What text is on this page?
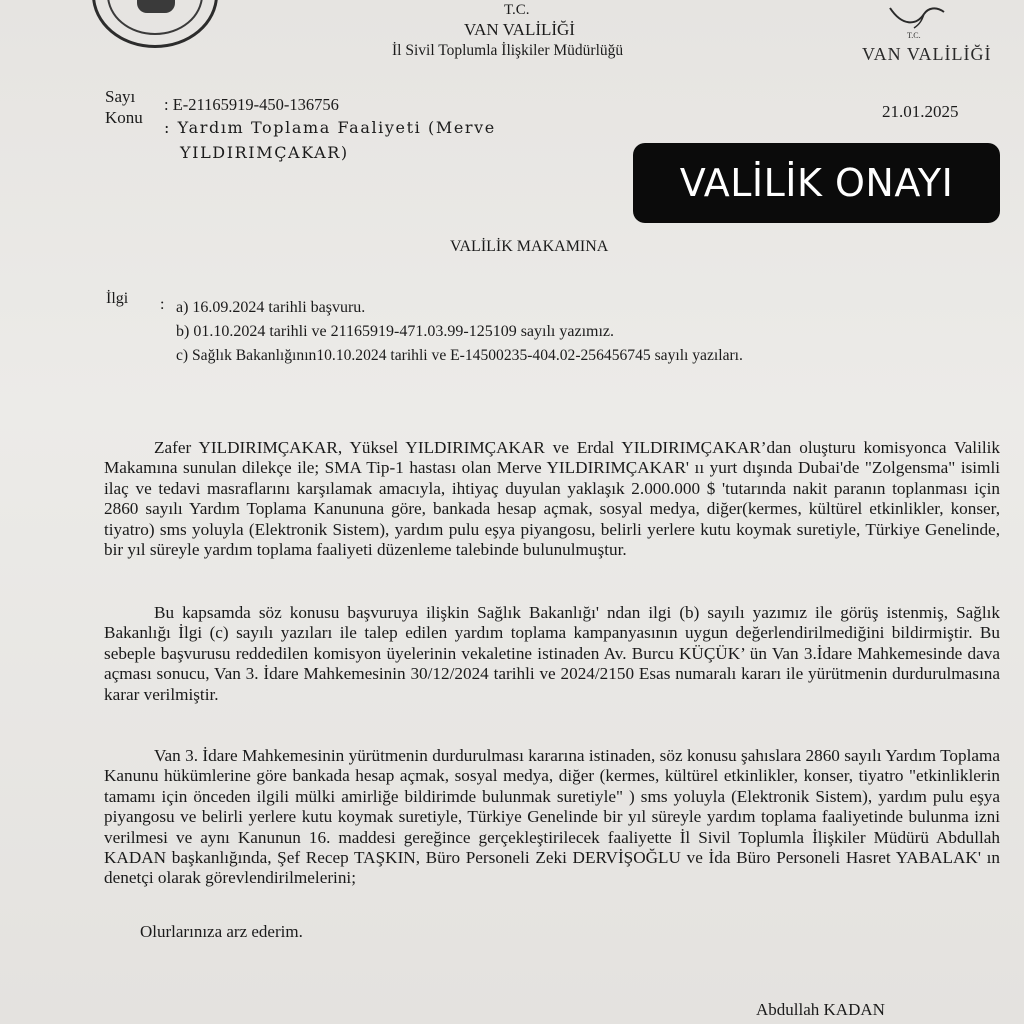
T.C.
VAN VALİLİĞİ
İl Sivil Toplumla İlişkiler Müdürlüğü
T.C.
VAN VALİLİĞİ
Sayı : E-21165919-450-136756
Konu
: Yardım Toplama Faaliyeti (Merve
YILDIRIMÇAKAR)
21.01.2025
VALİLİK ONAYI
VALİLİK MAKAMINA
İlgi : a) 16.09.2024 tarihli başvuru.
b) 01.10.2024 tarihli ve 21165919-471.03.99-125109 sayılı yazımız.
c) Sağlık Bakanlığının10.10.2024 tarihli ve E-14500235-404.02-256456745 sayılı yazıları.
Zafer YILDIRIMÇAKAR, Yüksel YILDIRIMÇAKAR ve Erdal YILDIRIMÇAKAR’dan oluşturu komisyonca Valilik Makamına sunulan dilekçe ile; SMA Tip-1 hastası olan Merve YILDIRIMÇAKAR' ıı yurt dışında Dubai'de "Zolgensma" isimli ilaç ve tedavi masraflarını karşılamak amacıyla, ihtiyaç duyulan yaklaşık 2.000.000 $ 'tutarında nakit paranın toplanması için 2860 sayılı Yardım Toplama Kanununa göre, bankada hesap açmak, sosyal medya, diğer(kermes, kültürel etkinlikler, konser, tiyatro) sms yoluyla (Elektronik Sistem), yardım pulu eşya piyangosu, belirli yerlere kutu koymak suretiyle, Türkiye Genelinde, bir yıl süreyle yardım toplama faaliyeti düzenleme talebinde bulunulmuştur.
Bu kapsamda söz konusu başvuruya ilişkin Sağlık Bakanlığı' ndan ilgi (b) sayılı yazımız ile görüş istenmiş, Sağlık Bakanlığı İlgi (c) sayılı yazıları ile talep edilen yardım toplama kampanyasının uygun değerlendirilmediğini bildirmiştir. Bu sebeple başvurusu reddedilen komisyon üyelerinin vekaletine istinaden Av. Burcu KÜÇÜK’ ün Van 3.İdare Mahkemesinde dava açması sonucu, Van 3. İdare Mahkemesinin 30/12/2024 tarihli ve 2024/2150 Esas numaralı kararı ile yürütmenin durdurulmasına karar verilmiştir.
Van 3. İdare Mahkemesinin yürütmenin durdurulması kararına istinaden, söz konusu şahıslara 2860 sayılı Yardım Toplama Kanunu hükümlerine göre bankada hesap açmak, sosyal medya, diğer (kermes, kültürel etkinlikler, konser, tiyatro "etkinliklerin tamamı için önceden ilgili mülki amirliğe bildirimde bulunmak suretiyle" ) sms yoluyla (Elektronik Sistem), yardım pulu eşya piyangosu ve belirli yerlere kutu koymak suretiyle, Türkiye Genelinde bir yıl süreyle yardım toplama faaliyetinde bulunma izni verilmesi ve aynı Kanunun 16. maddesi gereğince gerçekleştirilecek faaliyette İl Sivil Toplumla İlişkiler Müdürü Abdullah KADAN başkanlığında, Şef Recep TAŞKIN, Büro Personeli Zeki DERVİŞOĞLU ve İda Büro Personeli Hasret YABALAK' ın denetçi olarak görevlendirilmelerini;
Olurlarınıza arz ederim.
Abdullah KADAN
